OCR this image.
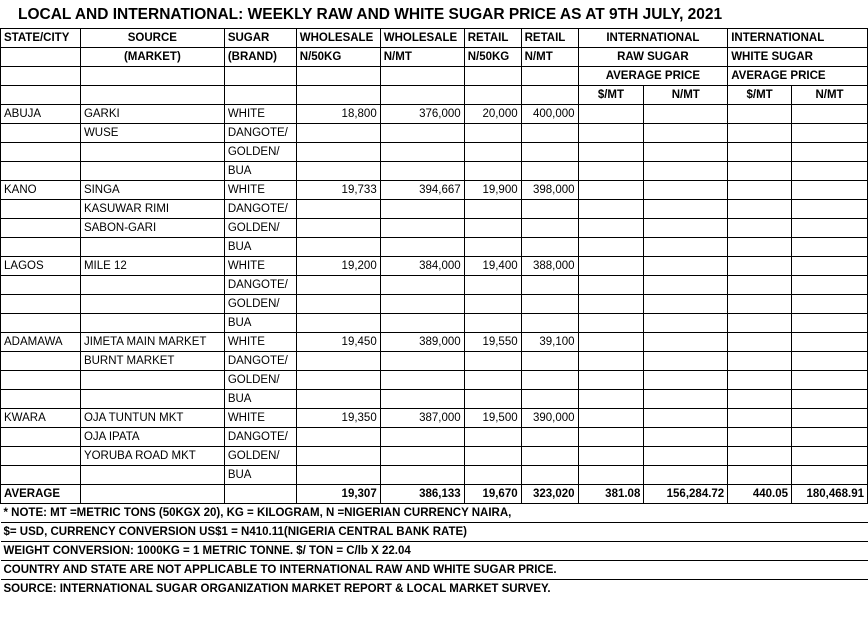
LOCAL AND INTERNATIONAL: WEEKLY RAW AND WHITE SUGAR PRICE AS AT 9TH JULY, 2021
STATE/CITY	SOURCE	SUGAR	WHOLESALE	WHOLESALE	RETAIL	RETAIL	INTERNATIONAL		INTERNATIONAL	
	(MARKET)	(BRAND)	N/50KG	N/MT	N/50KG	N/MT	RAW SUGAR		WHITE SUGAR	
							AVERAGE PRICE		AVERAGE PRICE	
							$/MT	N/MT	$/MT	N/MT
ABUJA	GARKI	WHITE	18,800	376,000	20,000	400,000				
	WUSE	DANGOTE/								
		GOLDEN/								
		BUA								
KANO	SINGA	WHITE	19,733	394,667	19,900	398,000				
	KASUWAR RIMI	DANGOTE/								
	SABON-GARI	GOLDEN/								
		BUA								
LAGOS	MILE 12	WHITE	19,200	384,000	19,400	388,000				
		DANGOTE/								
		GOLDEN/								
		BUA								
ADAMAWA	JIMETA MAIN MARKET	WHITE	19,450	389,000	19,550	39,100				
	BURNT MARKET	DANGOTE/								
		GOLDEN/								
		BUA								
KWARA	OJA TUNTUN MKT	WHITE	19,350	387,000	19,500	390,000				
	OJA IPATA	DANGOTE/								
	YORUBA ROAD MKT	GOLDEN/								
		BUA								
AVERAGE			19,307	386,133	19,670	323,020	381.08	156,284.72	440.05	180,468.91
* NOTE: MT =METRIC TONS (50KGX 20), KG = KILOGRAM, N =NIGERIAN CURRENCY NAIRA,										
$= USD, CURRENCY CONVERSION US$1 = N410.11(NIGERIA CENTRAL BANK RATE)										
WEIGHT CONVERSION: 1000KG = 1 METRIC TONNE. $/ TON = C/lb X 22.04										
COUNTRY AND STATE ARE NOT APPLICABLE TO INTERNATIONAL RAW AND WHITE SUGAR PRICE.										
SOURCE: INTERNATIONAL SUGAR ORGANIZATION MARKET REPORT & LOCAL MARKET SURVEY.										
